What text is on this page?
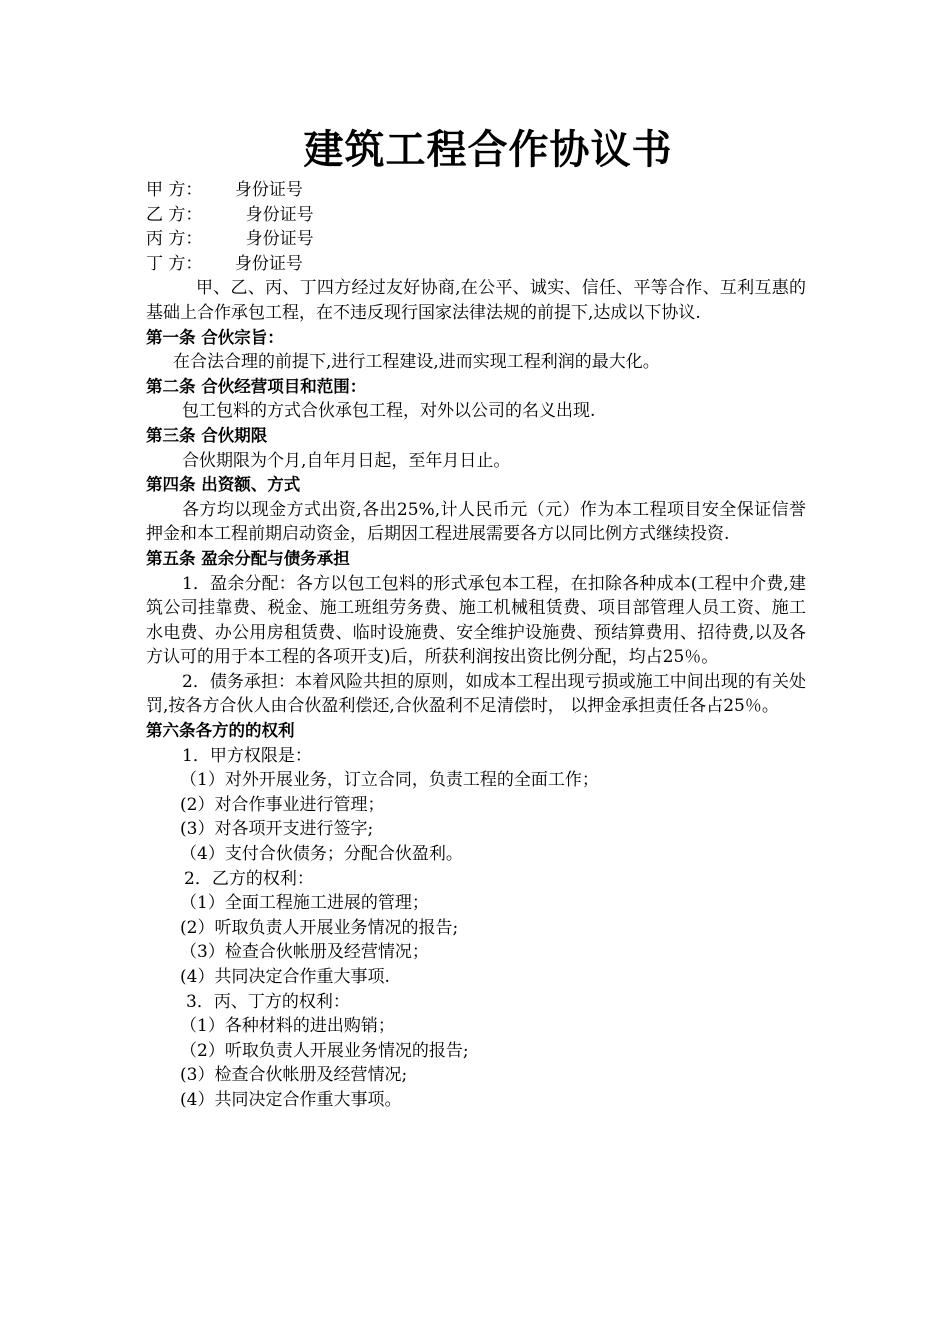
建筑工程合作协议书
甲 方：      身份证号
乙 方：        身份证号
丙 方：        身份证号
丁 方：      身份证号
甲、乙、丙、丁四方经过友好协商,在公平、诚实、信任、平等合作、互利互惠的基础上合作承包工程，在不违反现行国家法律法规的前提下,达成以下协议.
第一条 合伙宗旨：
在合法合理的前提下,进行工程建设,进而实现工程利润的最大化。
第二条 合伙经营项目和范围：
包工包料的方式合伙承包工程，对外以公司的名义出现.
第三条 合伙期限
合伙期限为个月,自年月日起，至年月日止。
第四条 出资额、方式
各方均以现金方式出资,各出25%,计人民币元（元）作为本工程项目安全保证信誉押金和本工程前期启动资金，后期因工程进展需要各方以同比例方式继续投资.
第五条 盈余分配与债务承担
1．盈余分配：各方以包工包料的形式承包本工程，在扣除各种成本(工程中介费,建筑公司挂靠费、税金、施工班组劳务费、施工机械租赁费、项目部管理人员工资、施工水电费、办公用房租赁费、临时设施费、安全维护设施费、预结算费用、招待费,以及各方认可的用于本工程的各项开支)后，所获利润按出资比例分配，均占25％。
2．债务承担：本着风险共担的原则，如成本工程出现亏损或施工中间出现的有关处罚,按各方合伙人由合伙盈利偿还,合伙盈利不足清偿时， 以押金承担责任各占25％。
第六条各方的的权利
1．甲方权限是：
（1）对外开展业务，订立合同，负责工程的全面工作；
(2）对合作事业进行管理；
(3）对各项开支进行签字;
（4）支付合伙债务；分配合伙盈利。
2．乙方的权利：
（1）全面工程施工进展的管理；
(2）听取负责人开展业务情况的报告;
（3）检查合伙帐册及经营情况；
(4）共同决定合作重大事项.
3．丙、丁方的权利：
（1）各种材料的进出购销；
（2）听取负责人开展业务情况的报告;
(3）检查合伙帐册及经营情况;
(4）共同决定合作重大事项。
